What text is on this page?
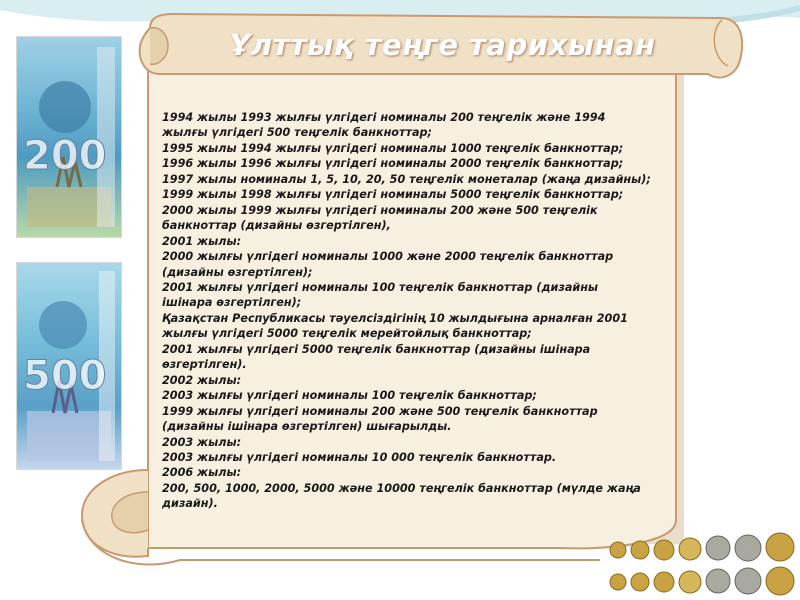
200
500
Ұлттық теңге тарихынан
1994 жылы 1993 жылғы үлгідегі номиналы 200 теңгелік және 1994 жылғы үлгідегі 500 теңгелік банкноттар;
1995 жылы 1994 жылғы үлгідегі номиналы 1000 теңгелік банкноттар;
1996 жылы 1996 жылғы үлгідегі номиналы 2000 теңгелік банкноттар;
1997 жылы номиналы 1, 5, 10, 20, 50 теңгелік монеталар (жаңа дизайны);
1999 жылы 1998 жылғы үлгідегі номиналы 5000 теңгелік банкноттар;
2000 жылы 1999 жылғы үлгідегі номиналы 200 және 500 теңгелік банкноттар (дизайны өзгертілген),
2001 жылы:
2000 жылғы үлгідегі номиналы 1000 және 2000 теңгелік банкноттар (дизайны өзгертілген);
2001 жылғы үлгідегі номиналы 100 теңгелік банкноттар (дизайны ішінара өзгертілген);
Қазақстан Республикасы тәуелсіздігінің 10 жылдығына арналған 2001 жылғы үлгідегі 5000 теңгелік мерейтойлық банкноттар;
2001 жылғы үлгідегі 5000 теңгелік банкноттар (дизайны ішінара өзгертілген).
2002 жылы:
2003 жылғы үлгідегі номиналы 100 теңгелік банкноттар;
1999 жылғы үлгідегі номиналы 200 және 500 теңгелік банкноттар (дизайны ішінара өзгертілген) шығарылды.
2003 жылы:
2003 жылғы үлгідегі номиналы 10 000 теңгелік банкноттар.
2006 жылы:
200, 500, 1000, 2000, 5000 және 10000 теңгелік банкноттар (мүлде жаңа дизайн).
